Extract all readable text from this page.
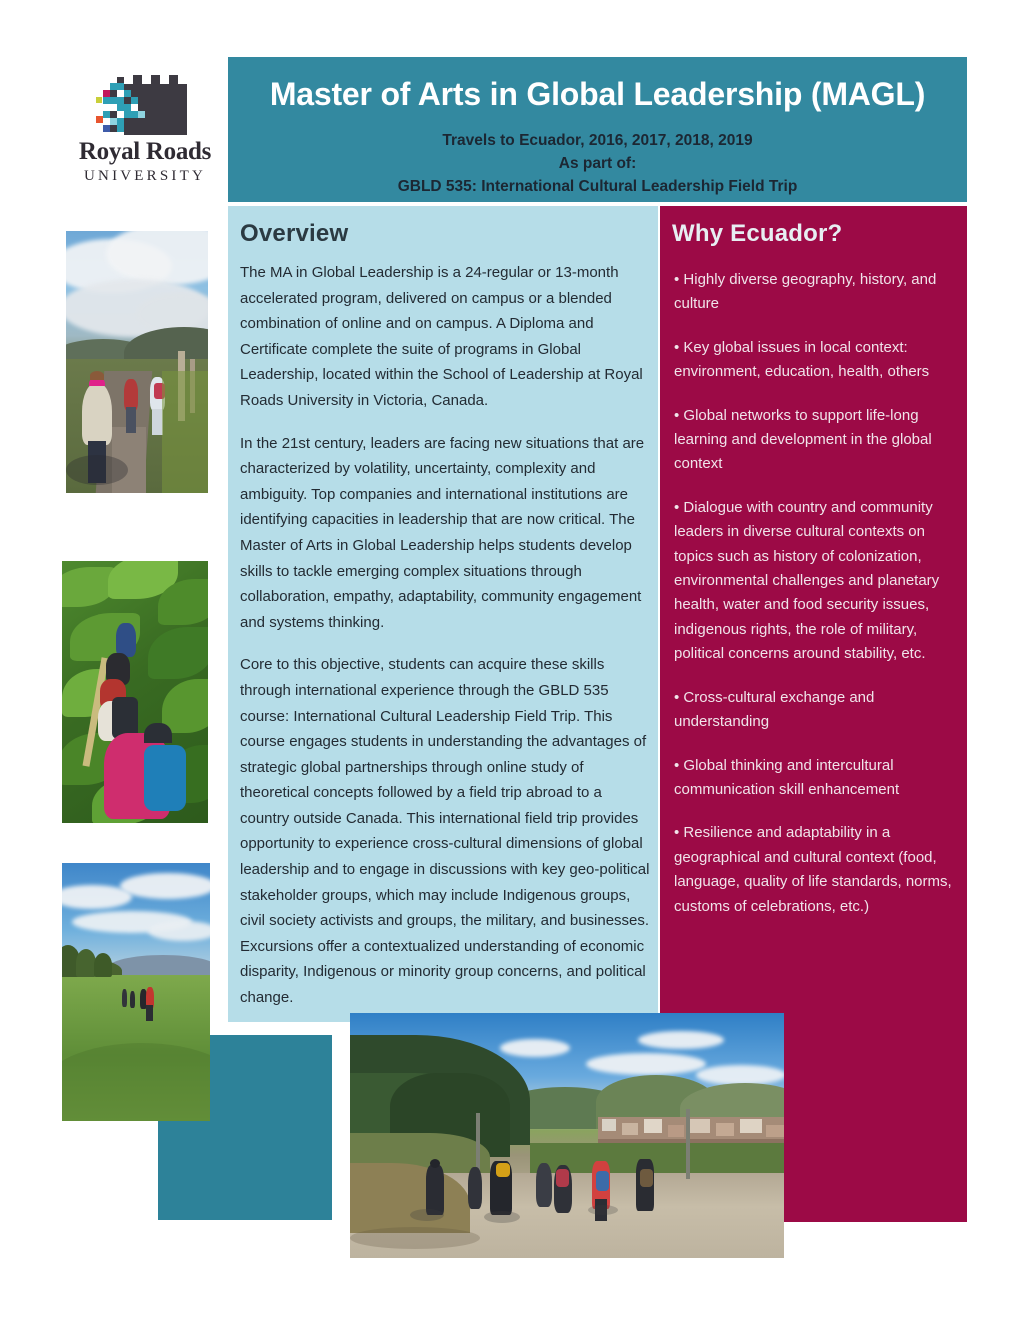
Royal Roads
UNIVERSITY
Master of Arts in Global Leadership (MAGL)
Travels to Ecuador, 2016, 2017, 2018, 2019
As part of:
GBLD 535: International Cultural Leadership Field Trip
Overview

The MA in Global Leadership is a 24-regular or 13-month accelerated program, delivered on campus or a blended combination of online and on campus. A Diploma and Certificate complete the suite of programs in Global Leadership, located within the School of Leadership at Royal Roads University in Victoria, Canada.

In the 21st century, leaders are facing new situations that are characterized by volatility, uncertainty, complexity and ambiguity. Top companies and international institutions are identifying capacities in leadership that are now critical. The Master of Arts in Global Leadership helps students develop skills to tackle emerging complex situations through collaboration, empathy, adaptability, community engagement and systems thinking.

Core to this objective, students can acquire these skills through international experience through the GBLD 535 course: International Cultural Leadership Field Trip. This course engages students in understanding the advantages of strategic global partnerships through online study of theoretical concepts followed by a field trip abroad to a country outside Canada. This international field trip provides opportunity to experience cross-cultural dimensions of global leadership and to engage in discussions with key geo-political stakeholder groups, which may include Indigenous groups, civil society activists and groups, the military, and businesses. Excursions offer a contextualized understanding of economic disparity, Indigenous or minority group concerns, and political change.

Why Ecuador?

• Highly diverse geography, history, and culture

• Key global issues in local context: environment, education, health, others

• Global networks to support life-long learning and development in the global context

• Dialogue with country and community leaders in diverse cultural contexts on topics such as history of colonization, environmental challenges and planetary health, water and food security issues, indigenous rights, the role of military, political concerns around stability, etc.

• Cross-cultural exchange and understanding

• Global thinking and intercultural communication skill enhancement

• Resilience and adaptability in a geographical and cultural context (food, language, quality of life standards, norms, customs of celebrations, etc.)
